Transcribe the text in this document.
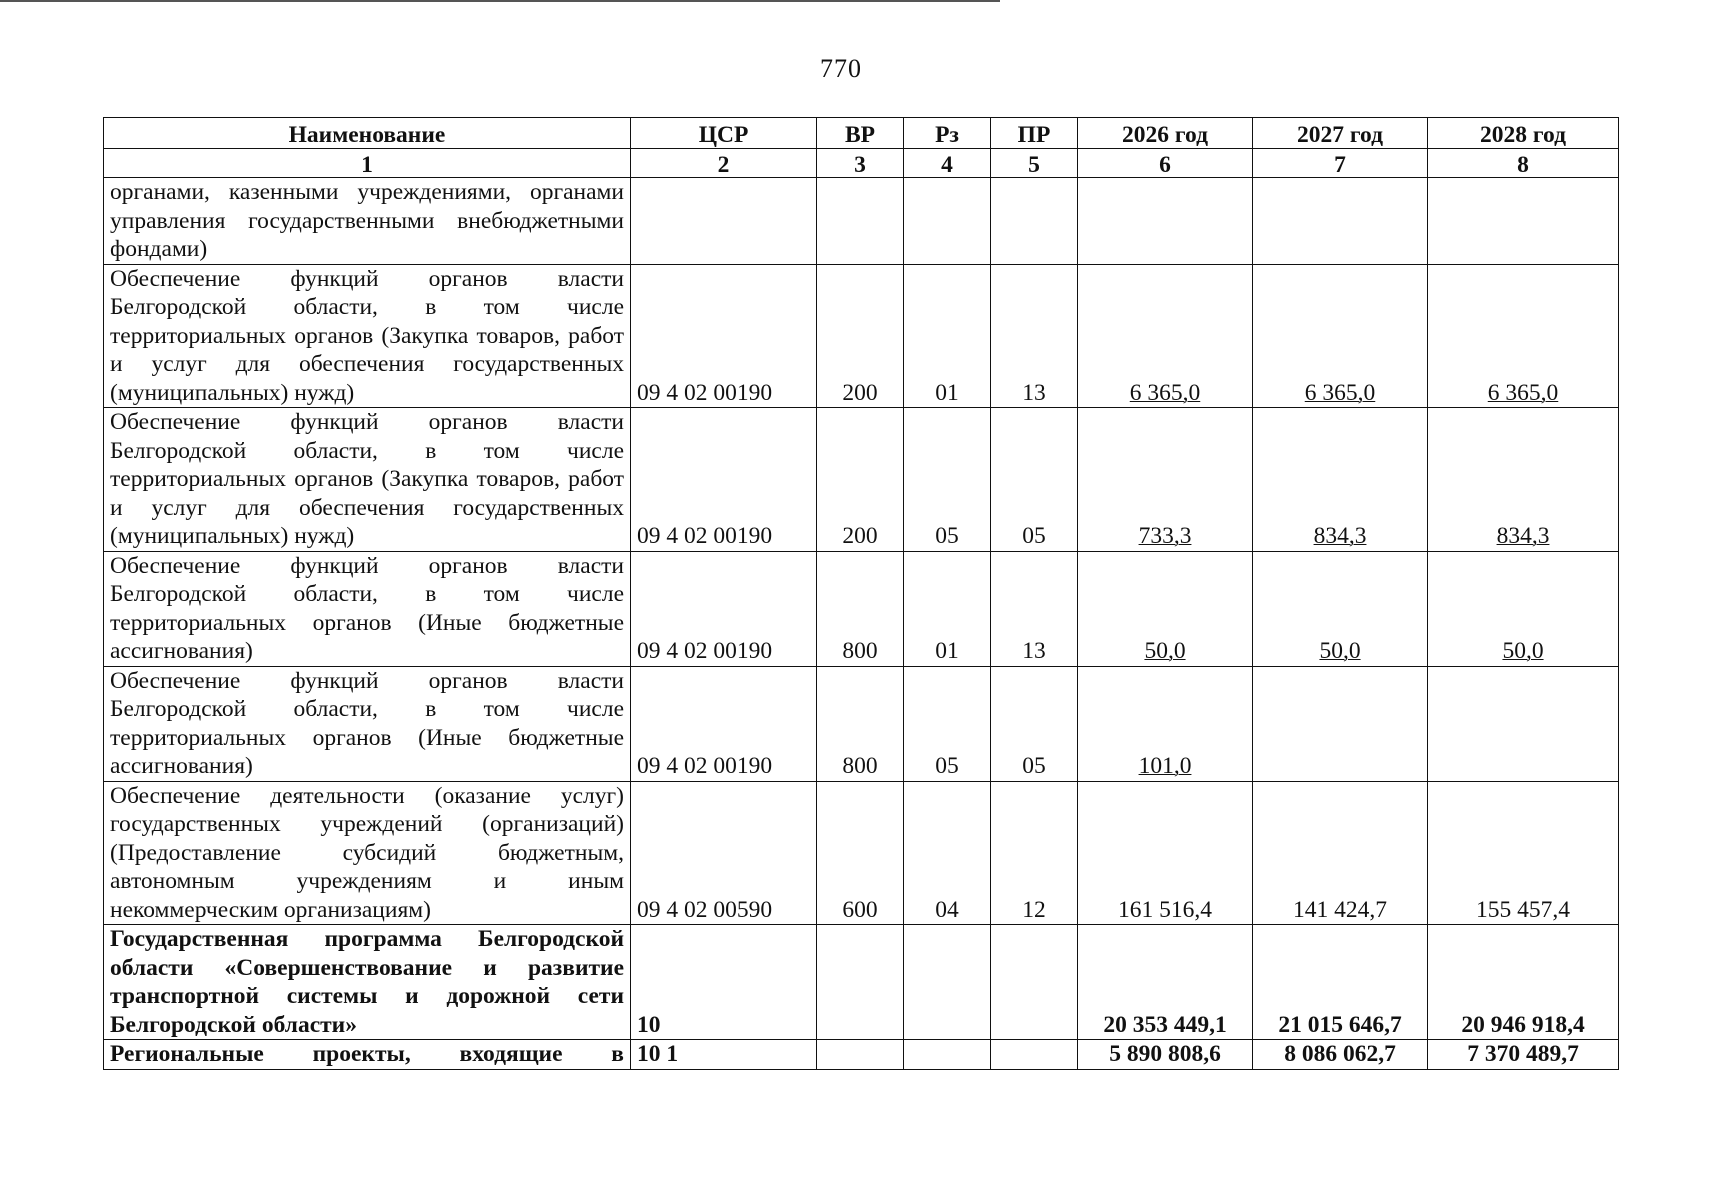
770
Наименование	ЦСР	ВР	Рз	ПР	2026 год	2027 год	2028 год
1	2	3	4	5	6	7	8
органами, казенными учреждениями, органами управления государственными внебюджетными фондами)							
Обеспечение функций органов власти Белгородской области, в том числе территориальных органов (Закупка товаров, работ и услуг для обеспечения государственных (муниципальных) нужд)	09 4 02 00190	200	01	13	6 365,0	6 365,0	6 365,0
Обеспечение функций органов власти Белгородской области, в том числе территориальных органов (Закупка товаров, работ и услуг для обеспечения государственных (муниципальных) нужд)	09 4 02 00190	200	05	05	733,3	834,3	834,3
Обеспечение функций органов власти Белгородской области, в том числе территориальных органов (Иные бюджетные ассигнования)	09 4 02 00190	800	01	13	50,0	50,0	50,0
Обеспечение функций органов власти Белгородской области, в том числе территориальных органов (Иные бюджетные ассигнования)	09 4 02 00190	800	05	05	101,0		
Обеспечение деятельности (оказание услуг) государственных учреждений (организаций) (Предоставление субсидий бюджетным, автономным учреждениям и иным некоммерческим организациям)	09 4 02 00590	600	04	12	161 516,4	141 424,7	155 457,4
Государственная программа Белгородской области «Совершенствование и развитие транспортной системы и дорожной сети Белгородской области»	10				20 353 449,1	21 015 646,7	20 946 918,4
Региональные проекты, входящие в	10 1				5 890 808,6	8 086 062,7	7 370 489,7
